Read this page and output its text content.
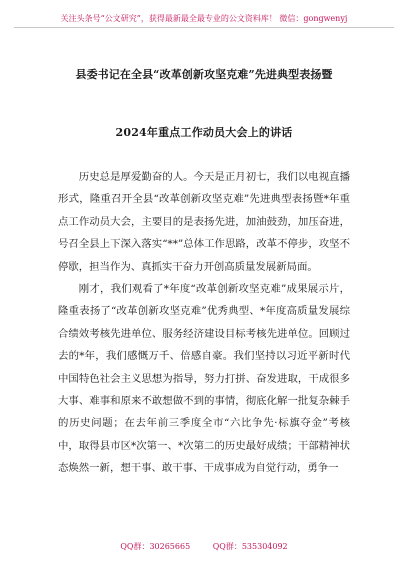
关注头条号“公文研究”，获得最新最全最专业的公文资料库！ 微信：gongwenyj
县委书记在全县“改革创新攻坚克难”先进典型表扬暨
2024年重点工作动员大会上的讲话

历史总是厚爱勤奋的人。今天是正月初七，我们以电视直播形式，隆重召开全县“改革创新攻坚克难”先进典型表扬暨*年重点工作动员大会，主要目的是表扬先进，加油鼓劲，加压奋进，号召全县上下深入落实“**”总体工作思路，改革不停步，攻坚不停歇，担当作为、真抓实干奋力开创高质量发展新局面。

刚才，我们观看了*年度“改革创新攻坚克难”成果展示片，隆重表扬了“改革创新攻坚克难”优秀典型、*年度高质量发展综合绩效考核先进单位、服务经济建设目标考核先进单位。回顾过去的*年，我们感慨万千、倍感自豪。我们坚持以习近平新时代中国特色社会主义思想为指导，努力打拼、奋发进取，干成很多大事、难事和原来不敢想做不到的事情，彻底化解一批复杂棘手的历史问题；在去年前三季度全市“六比争先·标旗夺金”考核中，取得县市区*次第一、*次第二的历史最好成绩；干部精神状态焕然一新，想干事、敢干事、干成事成为自觉行动，勇争一

QQ群：30265665	QQ群：535304092
